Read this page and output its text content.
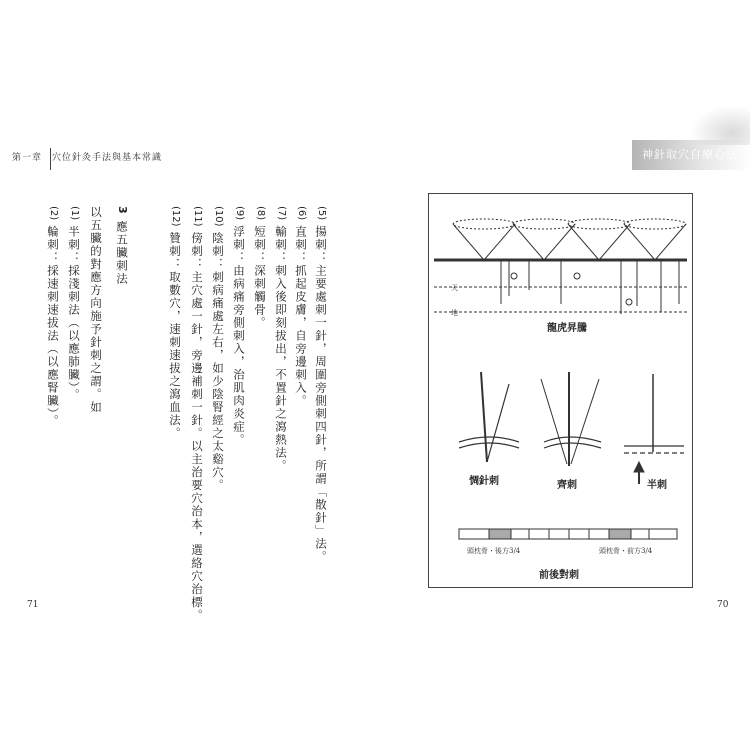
第一章 穴位針灸手法與基本常識	神針取穴自療心法
(5) 揚刺：主要處刺一針，周圍旁側刺四針，所謂「散針」法。
(6) 直刺：抓起皮膚，自旁邊刺入。
(7) 輸刺：刺入後即刻拔出，不置針之瀉熱法。
(8) 短刺：深刺觸骨。
(9) 浮刺：由病痛旁側刺入，治肌肉炎症。
(10) 陰刺：刺病痛處左右，如少陰腎經之太谿穴。
(11) 傍刺：主穴處一針，旁邊補刺一針。以主治要穴治本，選絡穴治標。
(12) 贊刺：取數穴，速刺速拔之瀉血法。
3 應五臟刺法
以五臟的對應方向施予針刺之謂。如
(1) 半刺：採淺刺法（以應肺臟）。
(2) 輪刺：採速刺速拔法（以應腎臟）。
71	70
天
地
龍虎昇騰
惆針刺	齊刺	半刺
頭枕骨・後方3/4	頭枕骨・前方3/4
前後對刺
